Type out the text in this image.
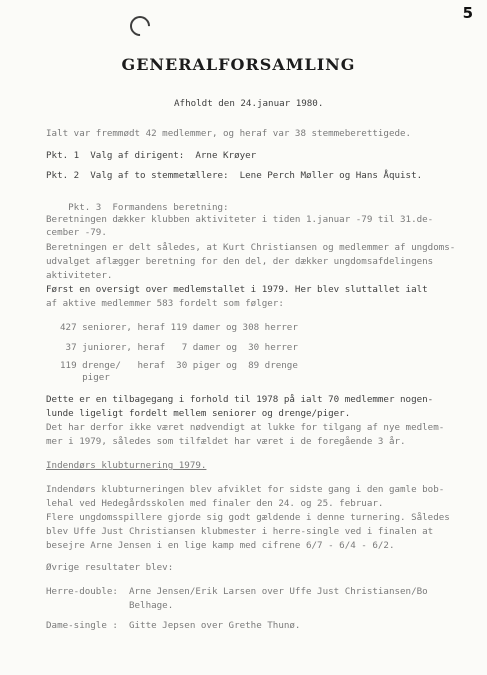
5
GENERALFORSAMLING
Afholdt den 24.januar 1980.
Ialt var fremmødt 42 medlemmer, og heraf var 38 stemmeberettigede.
Pkt. 1  Valg af dirigent:  Arne Krøyer
Pkt. 2  Valg af to stemmetællere:  Lene Perch Møller og Hans Åquist.

Pkt. 3  Formandens beretning:

Beretningen dækker klubben aktiviteter i tiden 1.januar -79 til 31.de-
cember -79.
Beretningen er delt således, at Kurt Christiansen og medlemmer af ungdoms-
udvalget aflægger beretning for den del, der dækker ungdomsafdelingens
aktiviteter.
Først en oversigt over medlemstallet i 1979. Her blev sluttallet ialt
af aktive medlemmer 583 fordelt som følger:
427 seniorer, heraf 119 damer og 308 herrer
37 juniorer, heraf   7 damer og  30 herrer
119 drenge/   heraf  30 piger og  89 drenge
piger
Dette er en tilbagegang i forhold til 1978 på ialt 70 medlemmer nogen-
lunde ligeligt fordelt mellem seniorer og drenge/piger.
Det har derfor ikke været nødvendigt at lukke for tilgang af nye medlem-
mer i 1979, således som tilfældet har været i de foregående 3 år.
Indendørs klubturnering 1979.
Indendørs klubturneringen blev afviklet for sidste gang i den gamle bob-
lehal ved Hedegårdsskolen med finaler den 24. og 25. februar.
Flere ungdomsspillere gjorde sig godt gældende i denne turnering. Således
blev Uffe Just Christiansen klubmester i herre-single ved i finalen at
besejre Arne Jensen i en lige kamp med cifrene 6/7 - 6/4 - 6/2.
Øvrige resultater blev:
Herre-double:  Arne Jensen/Erik Larsen over Uffe Just Christiansen/Bo
Belhage.
Dame-single :  Gitte Jepsen over Grethe Thunø.
